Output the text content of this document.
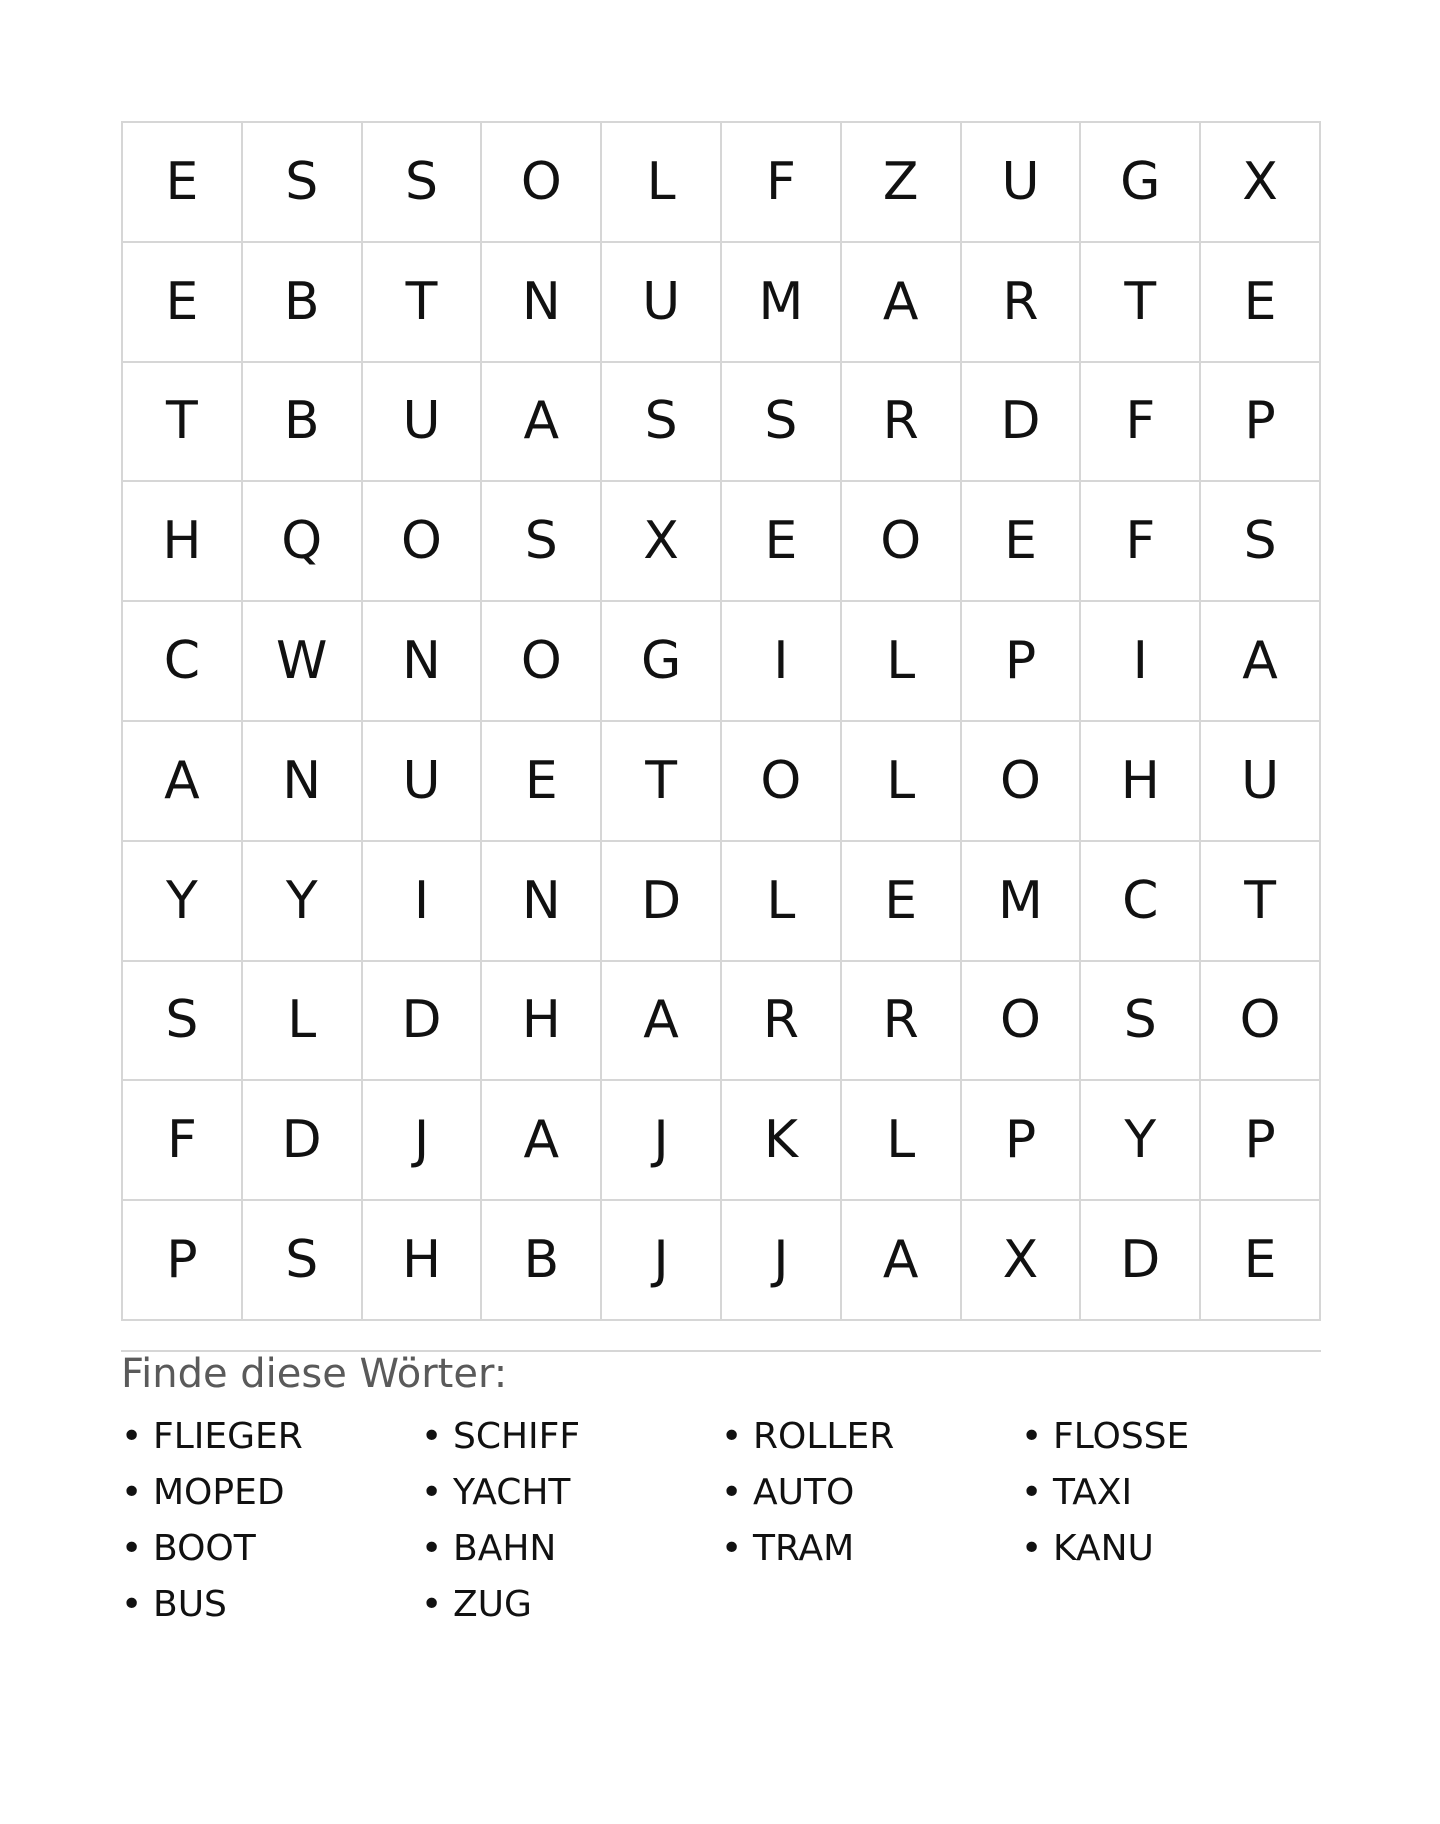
E	S	S	O	L	F	Z	U	G	X
E	B	T	N	U	M	A	R	T	E
T	B	U	A	S	S	R	D	F	P
H	Q	O	S	X	E	O	E	F	S
C	W	N	O	G	I	L	P	I	A
A	N	U	E	T	O	L	O	H	U
Y	Y	I	N	D	L	E	M	C	T
S	L	D	H	A	R	R	O	S	O
F	D	J	A	J	K	L	P	Y	P
P	S	H	B	J	J	A	X	D	E
Finde diese Wörter:
• FLIEGER	• SCHIFF	• ROLLER	• FLOSSE
• MOPED	• YACHT	• AUTO	• TAXI
• BOOT	• BAHN	• TRAM	• KANU
• BUS	• ZUG
